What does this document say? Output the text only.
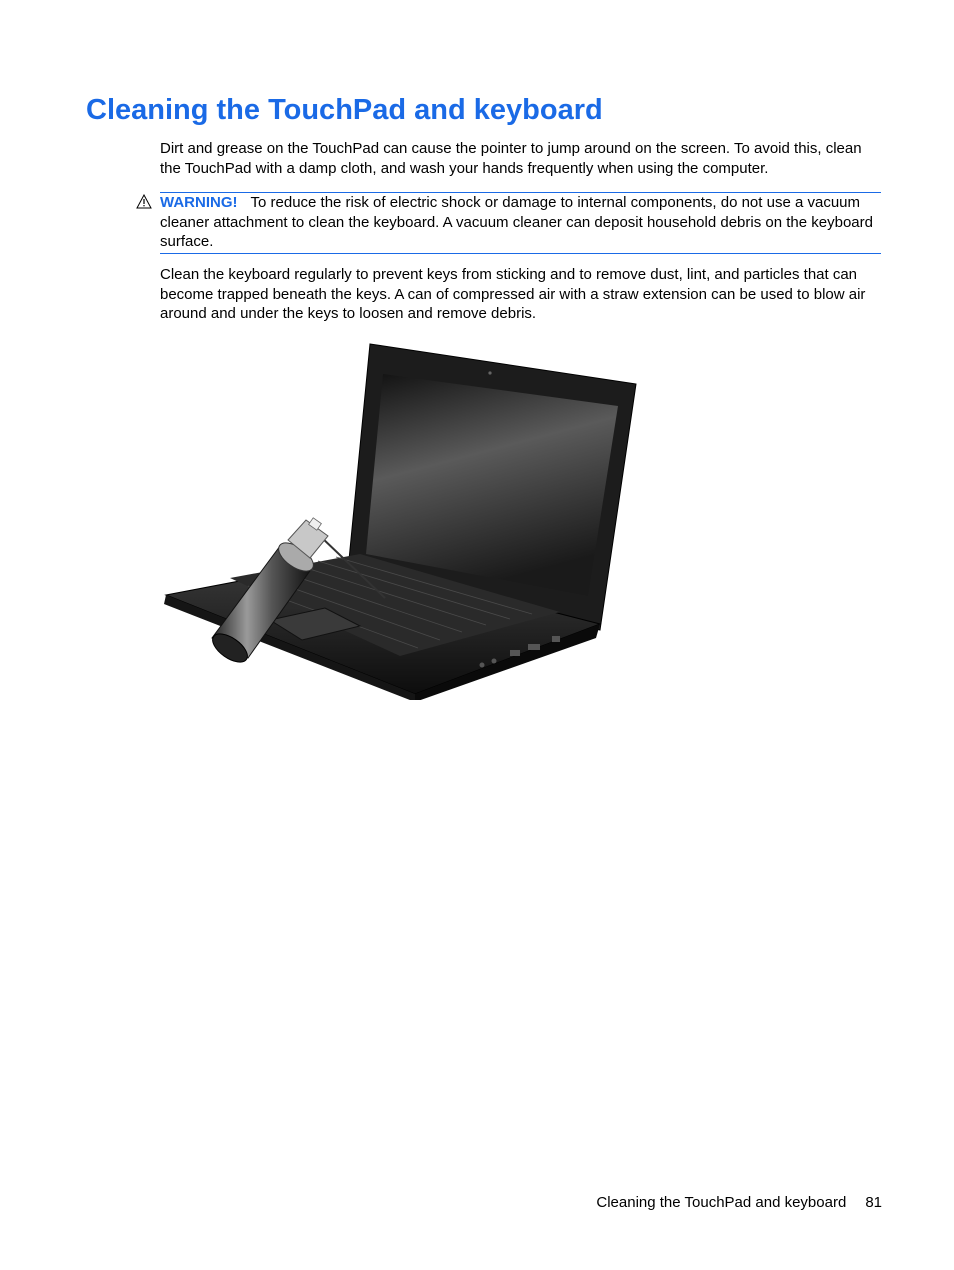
Cleaning the TouchPad and keyboard

Dirt and grease on the TouchPad can cause the pointer to jump around on the screen. To avoid this, clean the TouchPad with a damp cloth, and wash your hands frequently when using the computer.

WARNING! To reduce the risk of electric shock or damage to internal components, do not use a vacuum cleaner attachment to clean the keyboard. A vacuum cleaner can deposit household debris on the keyboard surface.

Clean the keyboard regularly to prevent keys from sticking and to remove dust, lint, and particles that can become trapped beneath the keys. A can of compressed air with a straw extension can be used to blow air around and under the keys to loosen and remove debris.

Cleaning the TouchPad and keyboard 81
